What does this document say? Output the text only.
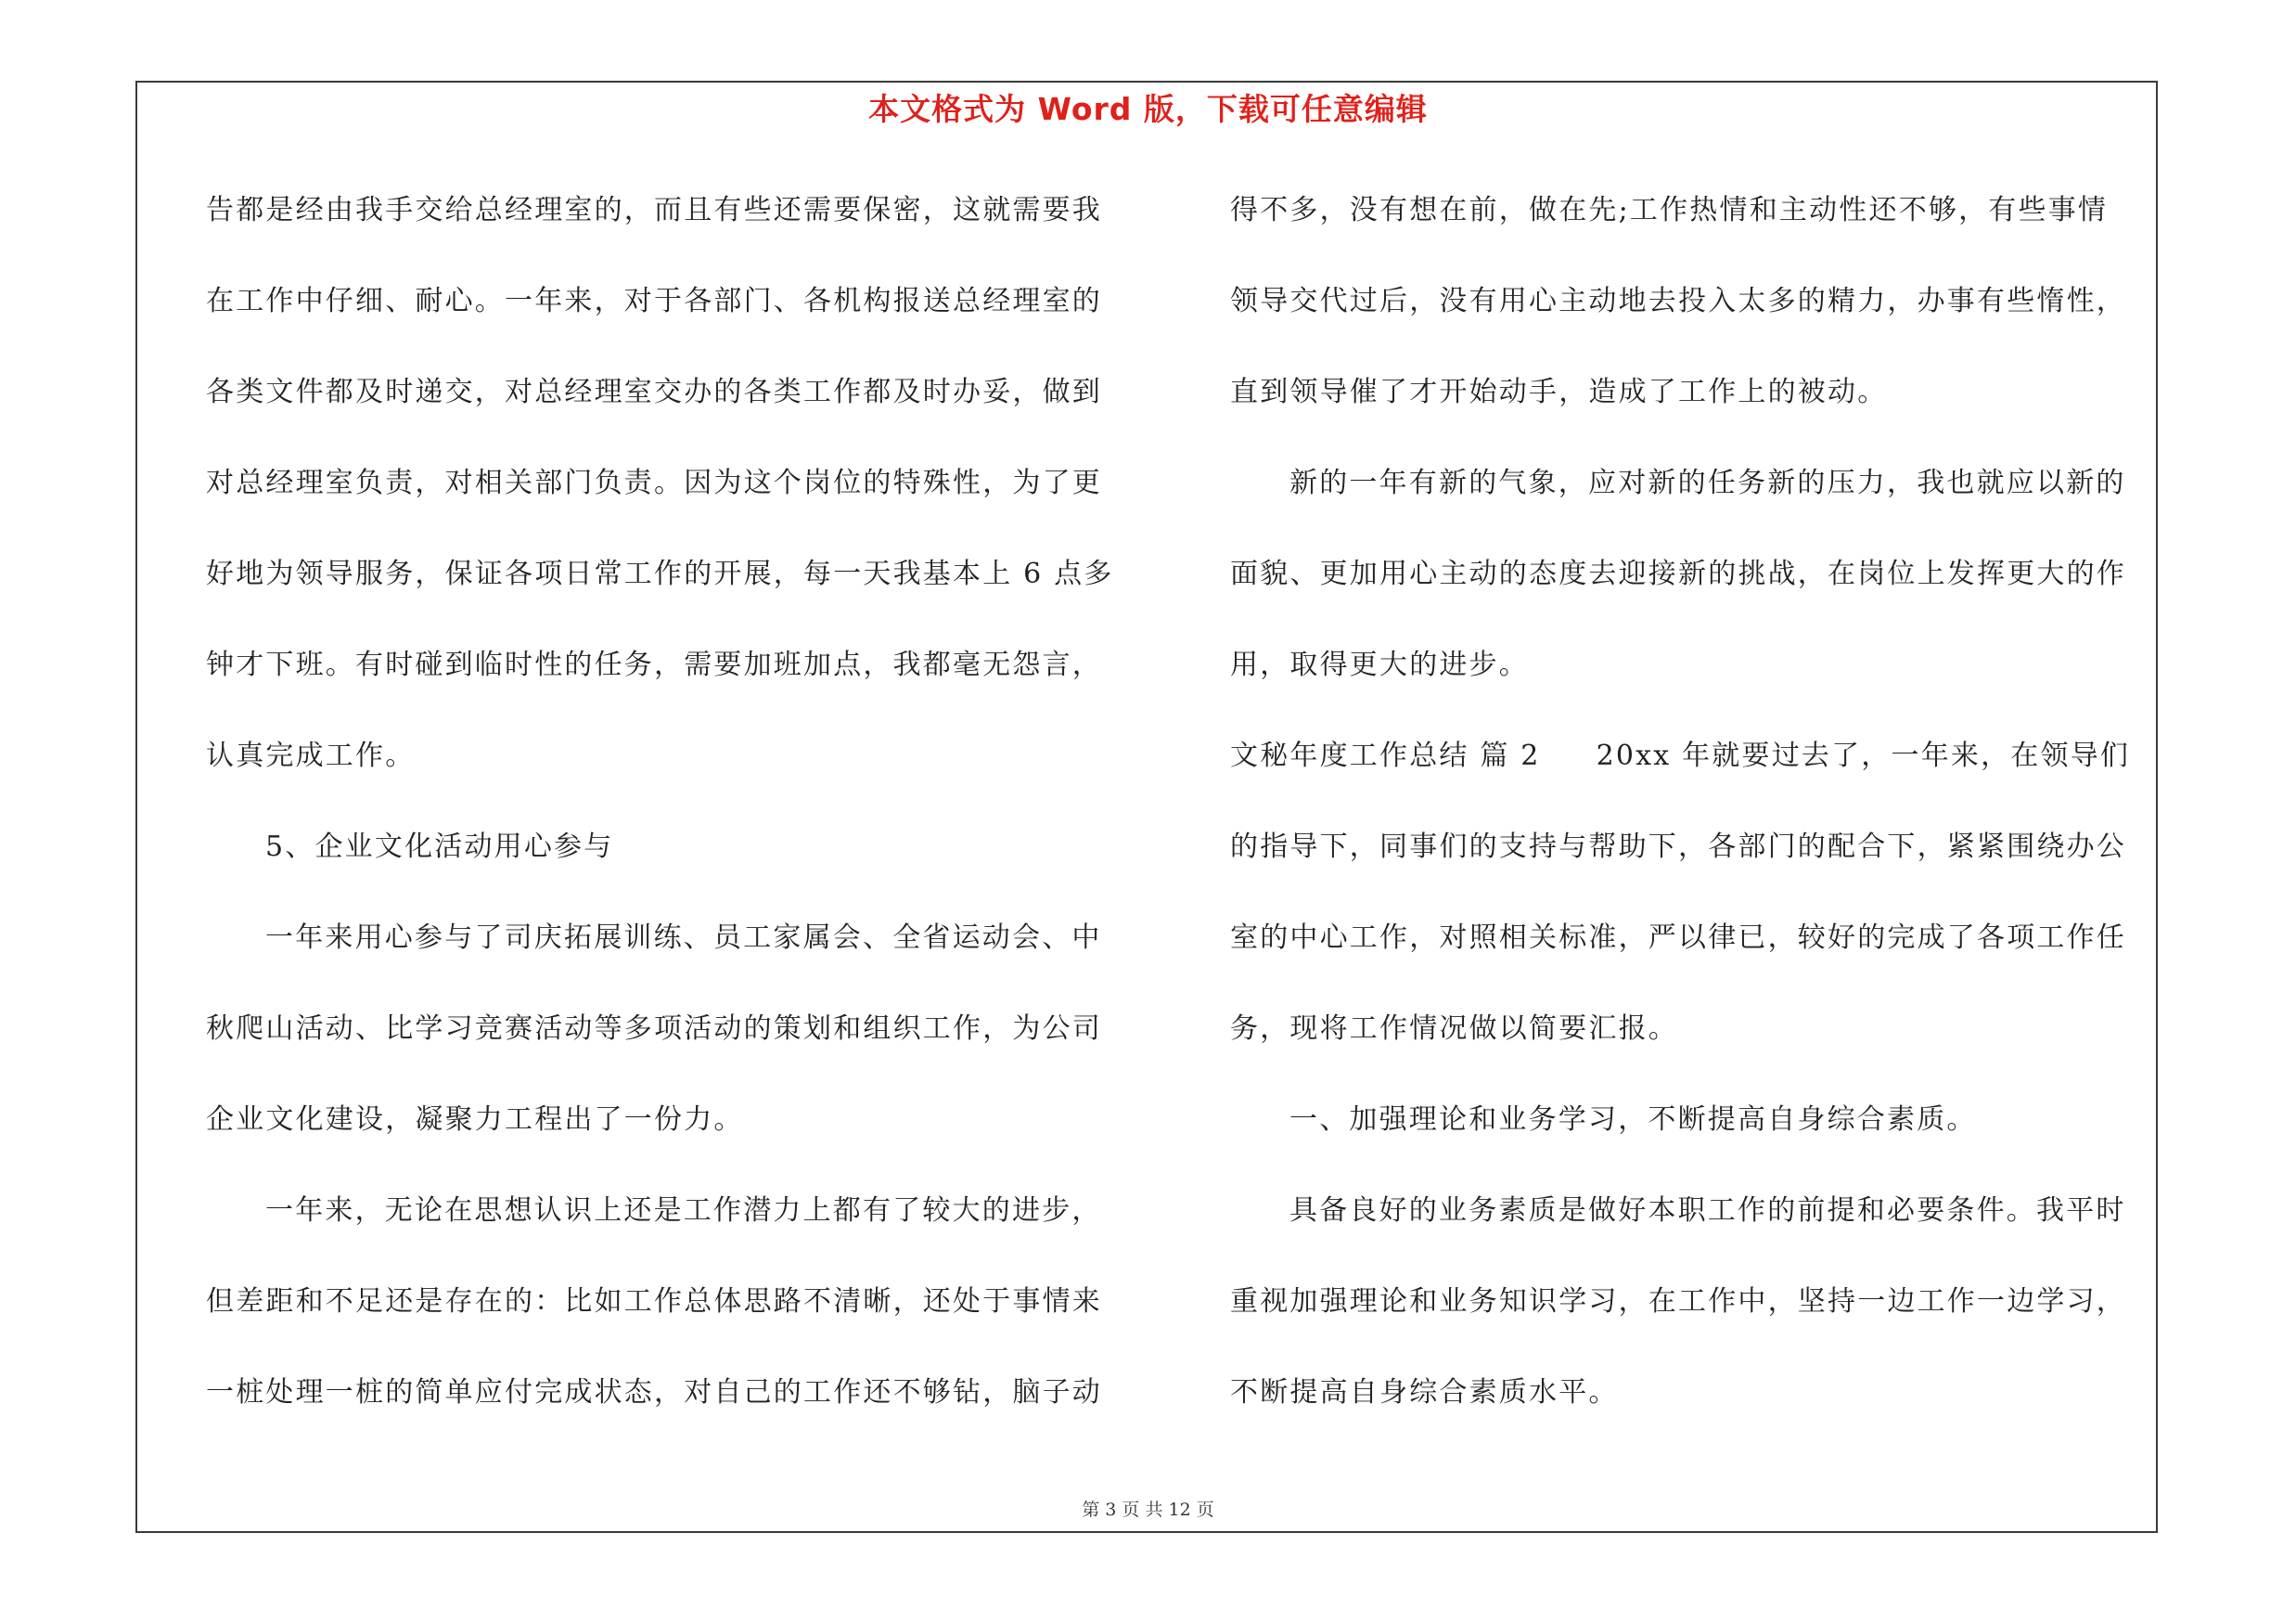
本文格式为 Word 版，下载可任意编辑
告都是经由我手交给总经理室的，而且有些还需要保密，这就需要我
在工作中仔细、耐心。一年来，对于各部门、各机构报送总经理室的
各类文件都及时递交，对总经理室交办的各类工作都及时办妥，做到
对总经理室负责，对相关部门负责。因为这个岗位的特殊性，为了更
好地为领导服务，保证各项日常工作的开展，每一天我基本上 6 点多
钟才下班。有时碰到临时性的任务，需要加班加点，我都毫无怨言，
认真完成工作。
5、企业文化活动用心参与
一年来用心参与了司庆拓展训练、员工家属会、全省运动会、中
秋爬山活动、比学习竞赛活动等多项活动的策划和组织工作，为公司
企业文化建设，凝聚力工程出了一份力。
一年来，无论在思想认识上还是工作潜力上都有了较大的进步，
但差距和不足还是存在的：比如工作总体思路不清晰，还处于事情来
一桩处理一桩的简单应付完成状态，对自己的工作还不够钻，脑子动
得不多，没有想在前，做在先;工作热情和主动性还不够，有些事情
领导交代过后，没有用心主动地去投入太多的精力，办事有些惰性，
直到领导催了才开始动手，造成了工作上的被动。
新的一年有新的气象，应对新的任务新的压力，我也就应以新的
面貌、更加用心主动的态度去迎接新的挑战，在岗位上发挥更大的作
用，取得更大的进步。
文秘年度工作总结 篇 2 20xx 年就要过去了，一年来，在领导们
的指导下，同事们的支持与帮助下，各部门的配合下，紧紧围绕办公
室的中心工作，对照相关标准，严以律已，较好的完成了各项工作任
务，现将工作情况做以简要汇报。
一、加强理论和业务学习，不断提高自身综合素质。
具备良好的业务素质是做好本职工作的前提和必要条件。我平时
重视加强理论和业务知识学习，在工作中，坚持一边工作一边学习，
不断提高自身综合素质水平。
第 3 页 共 12 页
